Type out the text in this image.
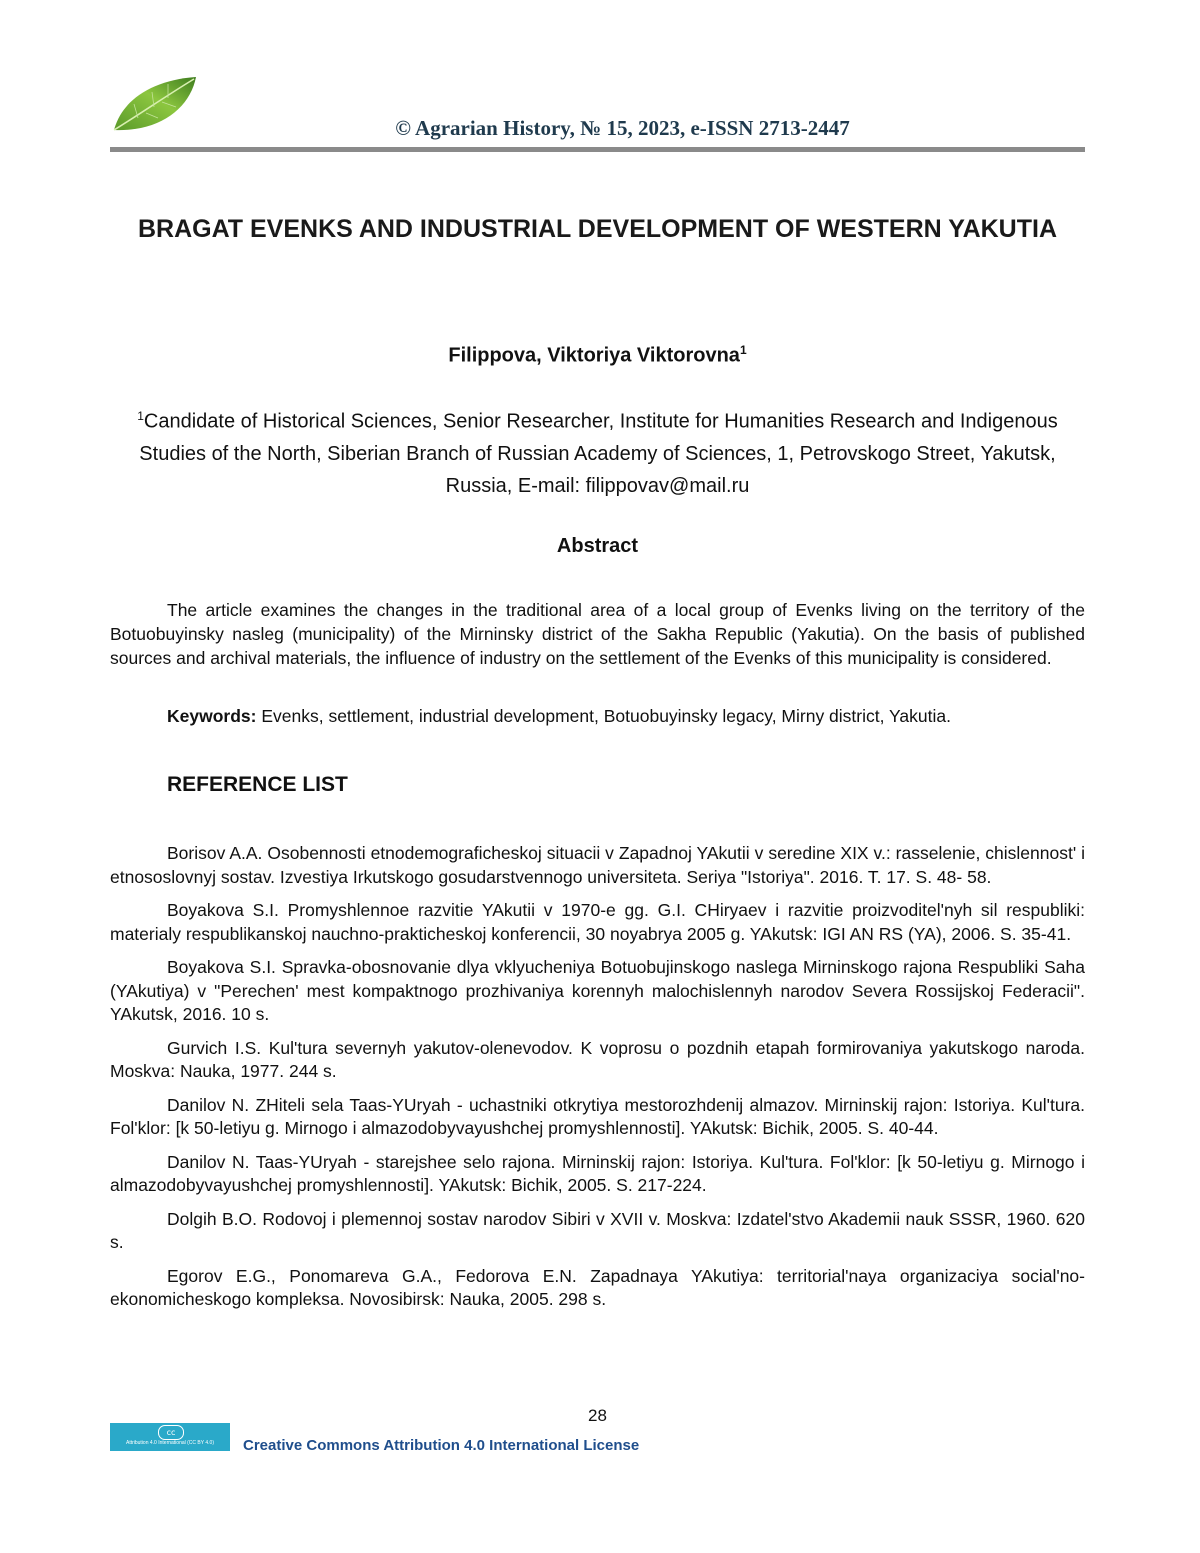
© Agrarian History, № 15, 2023, e-ISSN 2713-2447
BRAGAT EVENKS AND INDUSTRIAL DEVELOPMENT OF WESTERN YAKUTIA
Filippova, Viktoriya Viktorovna$^1$
$^1$Candidate of Historical Sciences, Senior Researcher, Institute for Humanities Research and Indigenous Studies of the North, Siberian Branch of Russian Academy of Sciences, 1, Petrovskogo Street, Yakutsk, Russia, E-mail: filippovav@mail.ru
Abstract

The article examines the changes in the traditional area of a local group of Evenks living on the territory of the Botuobuyinsky nasleg (municipality) of the Mirninsky district of the Sakha Republic (Yakutia). On the basis of published sources and archival materials, the influence of industry on the settlement of the Evenks of this municipality is considered.

Keywords: Evenks, settlement, industrial development, Botuobuyinsky legacy, Mirny district, Yakutia.

REFERENCE LIST
Borisov A.A. Osobennosti etnodemograficheskoj situacii v Zapadnoj YAkutii v seredine XIX v.: rasselenie, chislennost' i etnososlovnyj sostav. Izvestiya Irkutskogo gosudarstvennogo universiteta. Seriya "Istoriya". 2016. T. 17. S. 48- 58.
Boyakova S.I. Promyshlennoe razvitie YAkutii v 1970-e gg. G.I. CHiryaev i razvitie proizvoditel'nyh sil respubliki: materialy respublikanskoj nauchno-prakticheskoj konferencii, 30 noyabrya 2005 g. YAkutsk: IGI AN RS (YA), 2006. S. 35-41.
Boyakova S.I. Spravka-obosnovanie dlya vklyucheniya Botuobujinskogo naslega Mirninskogo rajona Respubliki Saha (YAkutiya) v "Perechen' mest kompaktnogo prozhivaniya korennyh malochislennyh narodov Severa Rossijskoj Federacii". YAkutsk, 2016. 10 s.
Gurvich I.S. Kul'tura severnyh yakutov-olenevodov. K voprosu o pozdnih etapah formirovaniya yakutskogo naroda. Moskva: Nauka, 1977. 244 s.
Danilov N. ZHiteli sela Taas-YUryah - uchastniki otkrytiya mestorozhdenij almazov. Mirninskij rajon: Istoriya. Kul'tura. Fol'klor: [k 50-letiyu g. Mirnogo i almazodobyvayushchej promyshlennosti]. YAkutsk: Bichik, 2005. S. 40-44.
Danilov N. Taas-YUryah - starejshee selo rajona. Mirninskij rajon: Istoriya. Kul'tura. Fol'klor: [k 50-letiyu g. Mirnogo i almazodobyvayushchej promyshlennosti]. YAkutsk: Bichik, 2005. S. 217-224.
Dolgih B.O. Rodovoj i plemennoj sostav narodov Sibiri v XVII v. Moskva: Izdatel'stvo Akademii nauk SSSR, 1960. 620 s.
Egorov E.G., Ponomareva G.A., Fedorova E.N. Zapadnaya YAkutiya: territorial'naya organizaciya social'no- ekonomicheskogo kompleksa. Novosibirsk: Nauka, 2005. 298 s.
28
cc
Attribution 4.0 International (CC BY 4.0)	Creative Commons Attribution 4.0 International License
